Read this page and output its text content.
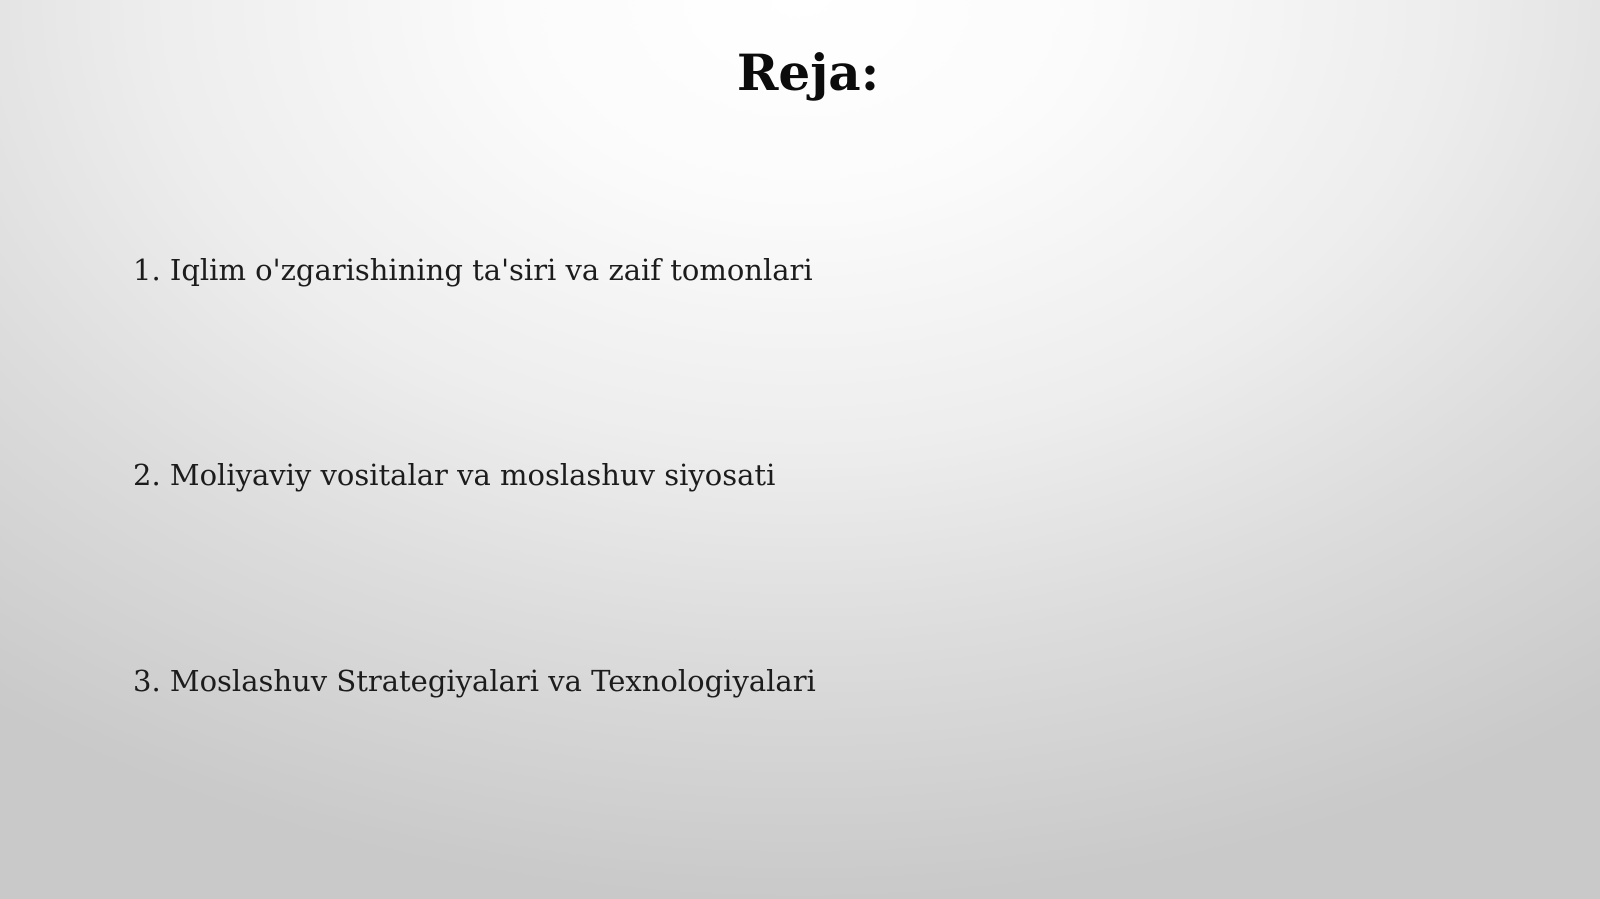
Reja:
1. Iqlim o'zgarishining ta'siri va zaif tomonlari
2. Moliyaviy vositalar va moslashuv siyosati
3. Moslashuv Strategiyalari va Texnologiyalari
